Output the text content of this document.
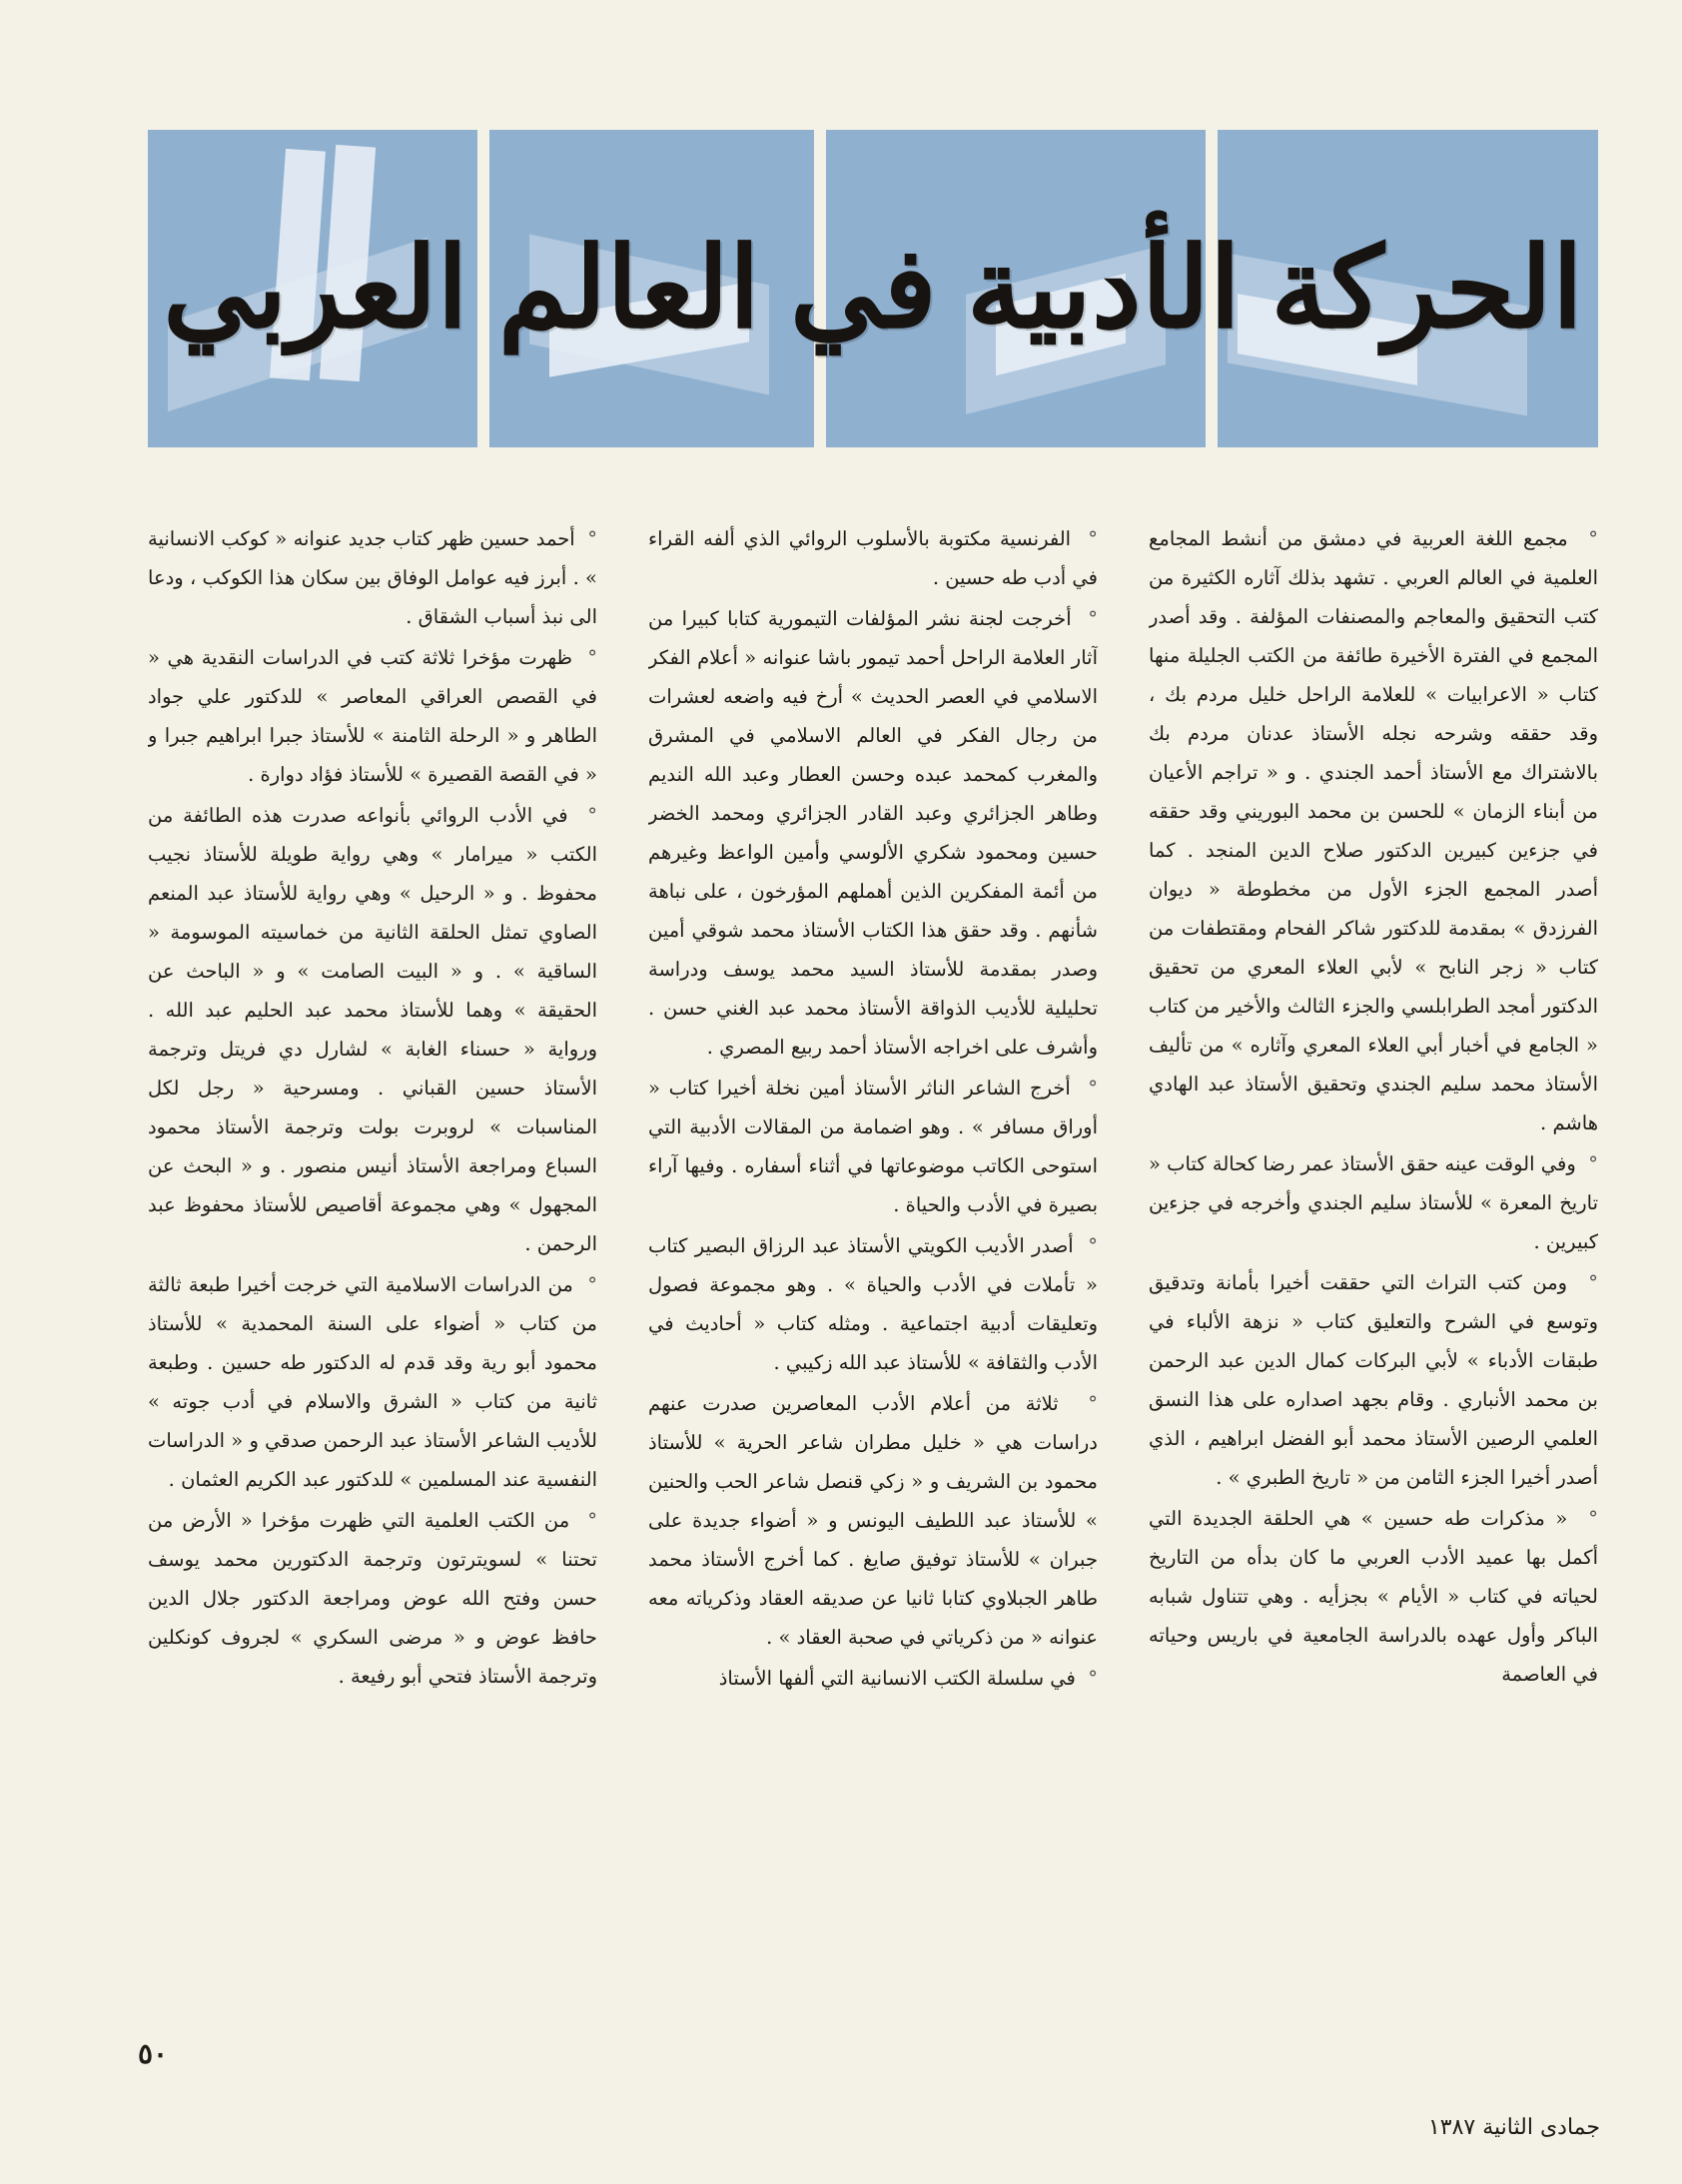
الحركة
الأدبية
في
العالم
العربي

°  مجمع اللغة العربية في دمشق من أنشط المجامع العلمية في العالم العربي . تشهد بذلك آثاره الكثيرة من كتب التحقيق والمعاجم والمصنفات المؤلفة . وقد أصدر المجمع في الفترة الأخيرة طائفة من الكتب الجليلة منها كتاب « الاعرابيات » للعلامة الراحل خليل مردم بك ، وقد حققه وشرحه نجله الأستاذ عدنان مردم بك بالاشتراك مع الأستاذ أحمد الجندي . و « تراجم الأعيان من أبناء الزمان » للحسن بن محمد البوريني وقد حققه في جزءين كبيرين الدكتور صلاح الدين المنجد . كما أصدر المجمع الجزء الأول من مخطوطة « ديوان الفرزدق » بمقدمة للدكتور شاكر الفحام ومقتطفات من كتاب « زجر النابح » لأبي العلاء المعري من تحقيق الدكتور أمجد الطرابلسي والجزء الثالث والأخير من كتاب « الجامع في أخبار أبي العلاء المعري وآثاره » من تأليف الأستاذ محمد سليم الجندي وتحقيق الأستاذ عبد الهادي هاشم .

°  وفي الوقت عينه حقق الأستاذ عمر رضا كحالة كتاب « تاريخ المعرة » للأستاذ سليم الجندي وأخرجه في جزءين كبيرين .

°  ومن كتب التراث التي حققت أخيرا بأمانة وتدقيق وتوسع في الشرح والتعليق كتاب « نزهة الألباء في طبقات الأدباء » لأبي البركات كمال الدين عبد الرحمن بن محمد الأنباري . وقام بجهد اصداره على هذا النسق العلمي الرصين الأستاذ محمد أبو الفضل ابراهيم ، الذي أصدر أخيرا الجزء الثامن من « تاريخ الطبري » .

°  « مذكرات طه حسين » هي الحلقة الجديدة التي أكمل بها عميد الأدب العربي ما كان بدأه من التاريخ لحياته في كتاب « الأيام » بجزأيه . وهي تتناول شبابه الباكر وأول عهده بالدراسة الجامعية في باريس وحياته في العاصمة

°  الفرنسية مكتوبة بالأسلوب الروائي الذي ألفه القراء في أدب طه حسين .

°  أخرجت لجنة نشر المؤلفات التيمورية كتابا كبيرا من آثار العلامة الراحل أحمد تيمور باشا عنوانه « أعلام الفكر الاسلامي في العصر الحديث » أرخ فيه واضعه لعشرات من رجال الفكر في العالم الاسلامي في المشرق والمغرب كمحمد عبده وحسن العطار وعبد الله النديم وطاهر الجزائري وعبد القادر الجزائري ومحمد الخضر حسين ومحمود شكري الألوسي وأمين الواعظ وغيرهم من أئمة المفكرين الذين أهملهم المؤرخون ، على نباهة شأنهم . وقد حقق هذا الكتاب الأستاذ محمد شوقي أمين وصدر بمقدمة للأستاذ السيد محمد يوسف ودراسة تحليلية للأديب الذواقة الأستاذ محمد عبد الغني حسن . وأشرف على اخراجه الأستاذ أحمد ربيع المصري .

°  أخرج الشاعر الناثر الأستاذ أمين نخلة أخيرا كتاب « أوراق مسافر » . وهو اضمامة من المقالات الأدبية التي استوحى الكاتب موضوعاتها في أثناء أسفاره . وفيها آراء بصيرة في الأدب والحياة .

°  أصدر الأديب الكويتي الأستاذ عبد الرزاق البصير كتاب « تأملات في الأدب والحياة » . وهو مجموعة فصول وتعليقات أدبية اجتماعية . ومثله كتاب « أحاديث في الأدب والثقافة » للأستاذ عبد الله زكيبي .

°  ثلاثة من أعلام الأدب المعاصرين صدرت عنهم دراسات هي « خليل مطران شاعر الحرية » للأستاذ محمود بن الشريف و « زكي قنصل شاعر الحب والحنين » للأستاذ عبد اللطيف اليونس و « أضواء جديدة على جبران » للأستاذ توفيق صايغ . كما أخرج الأستاذ محمد طاهر الجبلاوي كتابا ثانيا عن صديقه العقاد وذكرياته معه عنوانه « من ذكرياتي في صحبة العقاد » .

°  في سلسلة الكتب الانسانية التي ألفها الأستاذ

°  أحمد حسين ظهر كتاب جديد عنوانه « كوكب الانسانية » . أبرز فيه عوامل الوفاق بين سكان هذا الكوكب ، ودعا الى نبذ أسباب الشقاق .

°  ظهرت مؤخرا ثلاثة كتب في الدراسات النقدية هي « في القصص العراقي المعاصر » للدكتور علي جواد الطاهر و « الرحلة الثامنة » للأستاذ جبرا ابراهيم جبرا و « في القصة القصيرة » للأستاذ فؤاد دوارة .

°  في الأدب الروائي بأنواعه صدرت هذه الطائفة من الكتب « ميرامار » وهي رواية طويلة للأستاذ نجيب محفوظ . و « الرحيل » وهي رواية للأستاذ عبد المنعم الصاوي تمثل الحلقة الثانية من خماسيته الموسومة « الساقية » . و « البيت الصامت » و « الباحث عن الحقيقة » وهما للأستاذ محمد عبد الحليم عبد الله . ورواية « حسناء الغابة » لشارل دي فريتل وترجمة الأستاذ حسين القباني . ومسرحية « رجل لكل المناسبات » لروبرت بولت وترجمة الأستاذ محمود السباع ومراجعة الأستاذ أنيس منصور . و « البحث عن المجهول » وهي مجموعة أقاصيص للأستاذ محفوظ عبد الرحمن .

°  من الدراسات الاسلامية التي خرجت أخيرا طبعة ثالثة من كتاب « أضواء على السنة المحمدية » للأستاذ محمود أبو رية وقد قدم له الدكتور طه حسين . وطبعة ثانية من كتاب « الشرق والاسلام في أدب جوته » للأديب الشاعر الأستاذ عبد الرحمن صدقي و « الدراسات النفسية عند المسلمين » للدكتور عبد الكريم العثمان .

°  من الكتب العلمية التي ظهرت مؤخرا « الأرض من تحتنا » لسويترتون وترجمة الدكتورين محمد يوسف حسن وفتح الله عوض ومراجعة الدكتور جلال الدين حافظ عوض و « مرضى السكري » لجروف كونكلين وترجمة الأستاذ فتحي أبو رفيعة .

٥٠
جمادى الثانية ١٣٨٧
